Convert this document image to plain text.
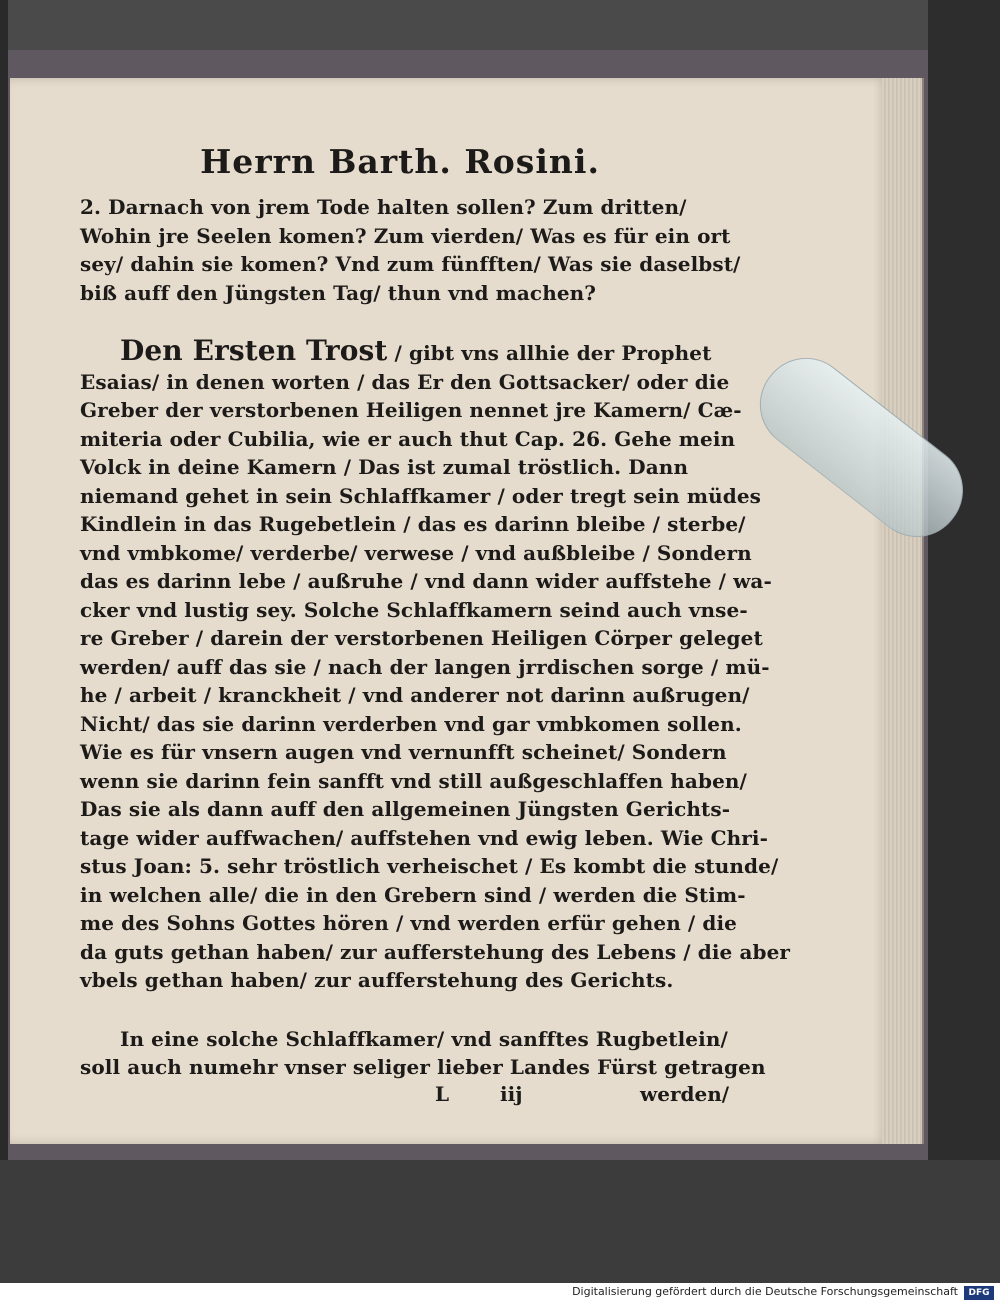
Herrn Barth. Rosini.
2. Darnach von jrem Tode halten sollen? Zum dritten/
Wohin jre Seelen komen? Zum vierden/ Was es für ein ort
sey/ dahin sie komen? Vnd zum fünfften/ Was sie daselbst/
biß auff den Jüngsten Tag/ thun vnd machen?
Den Ersten Trost / gibt vns allhie der Prophet
Esaias/ in denen worten / das Er den Gottsacker/ oder die
Greber der verstorbenen Heiligen nennet jre Kamern/ Cæ-
miteria oder Cubilia, wie er auch thut Cap. 26. Gehe mein
Volck in deine Kamern / Das ist zumal tröstlich. Dann
niemand gehet in sein Schlaffkamer / oder tregt sein müdes
Kindlein in das Rugebetlein / das es darinn bleibe / sterbe/
vnd vmbkome/ verderbe/ verwese / vnd außbleibe / Sondern
das es darinn lebe / außruhe / vnd dann wider auffstehe / wa-
cker vnd lustig sey. Solche Schlaffkamern seind auch vnse-
re Greber / darein der verstorbenen Heiligen Cörper geleget
werden/ auff das sie / nach der langen jrrdischen sorge / mü-
he / arbeit / kranckheit / vnd anderer not darinn außrugen/
Nicht/ das sie darinn verderben vnd gar vmbkomen sollen.
Wie es für vnsern augen vnd vernunfft scheinet/ Sondern
wenn sie darinn fein sanfft vnd still außgeschlaffen haben/
Das sie als dann auff den allgemeinen Jüngsten Gerichts-
tage wider auffwachen/ auffstehen vnd ewig leben. Wie Chri-
stus Joan: 5. sehr tröstlich verheischet / Es kombt die stunde/
in welchen alle/ die in den Grebern sind / werden die Stim-
me des Sohns Gottes hören / vnd werden erfür gehen / die
da guts gethan haben/ zur aufferstehung des Lebens / die aber
vbels gethan haben/ zur aufferstehung des Gerichts.
In eine solche Schlaffkamer/ vnd sanfftes Rugbetlein/
soll auch numehr vnser seliger lieber Landes Fürst getragen
L	iij	werden/
Digitalisierung gefördert durch die Deutsche Forschungsgemeinschaft	DFG
